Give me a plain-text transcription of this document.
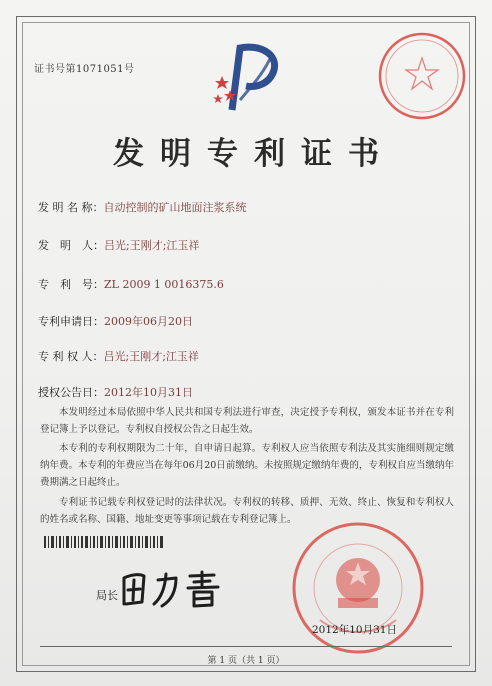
证书号第1071051号
发明专利证书
发 明 名 称：自动控制的矿山地面注浆系统
发　明　人：吕光;王刚才;江玉祥
专　利　号：ZL 2009 1 0016375.6
专利申请日：2009年06月20日
专 利 权 人：吕光;王刚才;江玉祥
授权公告日：2012年10月31日
本发明经过本局依照中华人民共和国专利法进行审查，决定授予专利权，颁发本证书并在专利登记簿上予以登记。专利权自授权公告之日起生效。
本专利的专利权期限为二十年，自申请日起算。专利权人应当依照专利法及其实施细则规定缴纳年费。本专利的年费应当在每年06月20日前缴纳。未按照规定缴纳年费的，专利权自应当缴纳年费期满之日起终止。
专利证书记载专利权登记时的法律状况。专利权的转移、质押、无效、终止、恢复和专利权人的姓名或名称、国籍、地址变更等事项记载在专利登记簿上。
局长
2012年10月31日
第 1 页（共 1 页）
